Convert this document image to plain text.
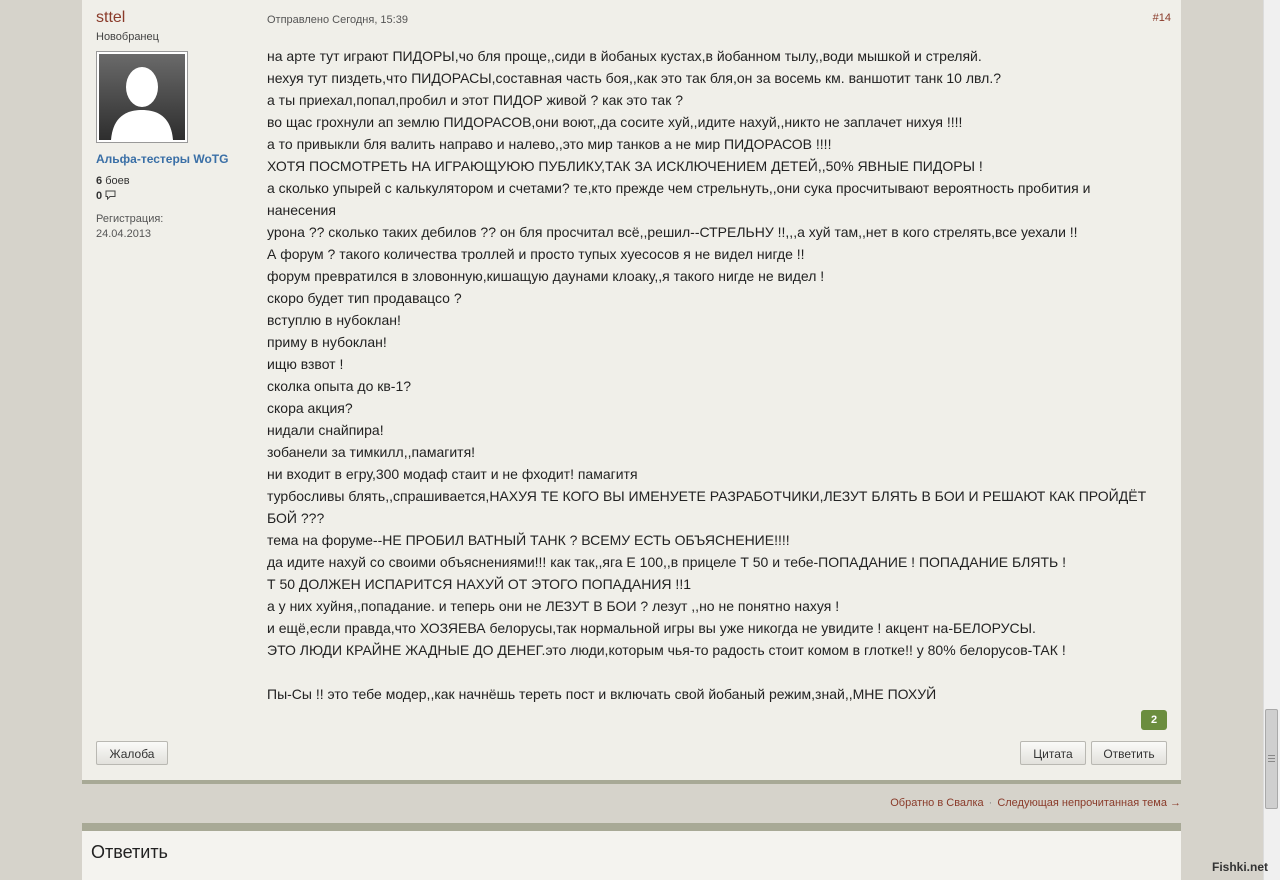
sttel
Новобранец
Альфа-тестеры WoTG
6 боев
0
Регистрация:
24.04.2013
Отправлено Сегодня, 15:39	#14
на арте тут играют ПИДОРЫ,чо бля проще,,сиди в йобаных кустах,в йобанном тылу,,води мышкой и стреляй.
нехуя тут пиздеть,что ПИДОРАСЫ,составная часть боя,,как это так бля,он за восемь км. ваншотит танк 10 лвл.?
а ты приехал,попал,пробил и этот ПИДОР живой ? как это так ?
во щас грохнули ап землю ПИДОРАСОВ,они воют,,да сосите хуй,,идите нахуй,,никто не заплачет нихуя !!!!
а то привыкли бля валить направо и налево,,это мир танков а не мир ПИДОРАСОВ !!!!
ХОТЯ ПОСМОТРЕТЬ НА ИГРАЮЩУЮЮ ПУБЛИКУ,ТАК ЗА ИСКЛЮЧЕНИЕМ ДЕТЕЙ,,50% ЯВНЫЕ ПИДОРЫ !
а сколько упырей с калькулятором и счетами? те,кто прежде чем стрельнуть,,они сука просчитывают вероятность пробития и
нанесения
урона ?? сколько таких дебилов ?? он бля просчитал всё,,решил--СТРЕЛЬНУ !!,,,а хуй там,,нет в кого стрелять,все уехали !!
А форум ? такого количества троллей и просто тупых хуесосов я не видел нигде !!
форум превратился в зловонную,кишащую даунами клоаку,,я такого нигде не видел !
скоро будет тип продавацсо ?
вступлю в нубоклан!
приму в нубоклан!
ищю взвот !
сколка опыта до кв-1?
скора акция?
нидали снайпира!
зобанели за тимкилл,,памагитя!
ни входит в егру,300 модаф стаит и не фходит! памагитя
турбосливы блять,,спрашивается,НАХУЯ ТЕ КОГО ВЫ ИМЕНУЕТЕ РАЗРАБОТЧИКИ,ЛЕЗУТ БЛЯТЬ В БОИ И РЕШАЮТ КАК ПРОЙДЁТ
БОЙ ???
тема на форуме--НЕ ПРОБИЛ ВАТНЫЙ ТАНК ? ВСЕМУ ЕСТЬ ОБЪЯСНЕНИЕ!!!!
да идите нахуй со своими объяснениями!!! как так,,яга Е 100,,в прицеле Т 50 и тебе-ПОПАДАНИЕ ! ПОПАДАНИЕ БЛЯТЬ !
Т 50 ДОЛЖЕН ИСПАРИТСЯ НАХУЙ ОТ ЭТОГО ПОПАДАНИЯ !!1
а у них хуйня,,попадание. и теперь они не ЛЕЗУТ В БОИ ? лезут ,,но не понятно нахуя !
и ещё,если правда,что ХОЗЯЕВА белорусы,так нормальной игры вы уже никогда не увидите ! акцент на-БЕЛОРУСЫ.
ЭТО ЛЮДИ КРАЙНЕ ЖАДНЫЕ ДО ДЕНЕГ.это люди,которым чья-то радость стоит комом в глотке!! у 80% белорусов-ТАК !
Пы-Сы !! это тебе модер,,как начнёшь тереть пост и включать свой йобаный режим,знай,,МНЕ ПОХУЙ
2
Жалоба	Цитата	Ответить
Обратно в Свалка · Следующая непрочитанная тема →
Ответить
Fishki.net
